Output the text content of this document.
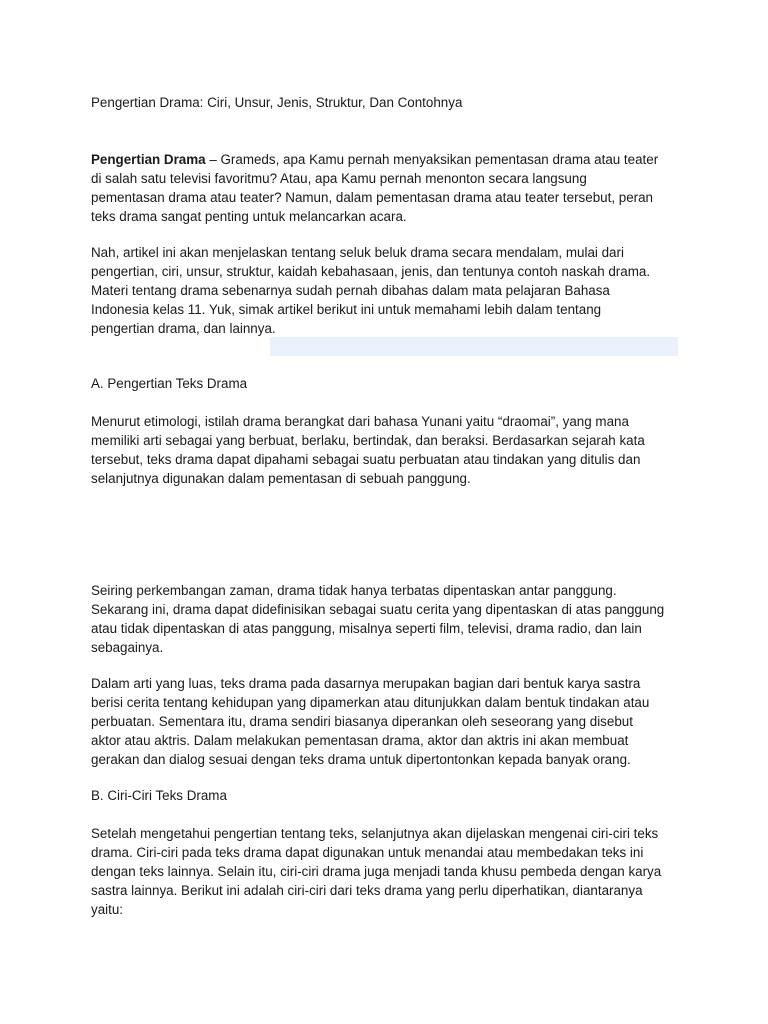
Pengertian Drama: Ciri, Unsur, Jenis, Struktur, Dan Contohnya
Pengertian Drama – Grameds, apa Kamu pernah menyaksikan pementasan drama atau teater
di salah satu televisi favoritmu? Atau, apa Kamu pernah menonton secara langsung
pementasan drama atau teater? Namun, dalam pementasan drama atau teater tersebut, peran
teks drama sangat penting untuk melancarkan acara.
Nah, artikel ini akan menjelaskan tentang seluk beluk drama secara mendalam, mulai dari
pengertian, ciri, unsur, struktur, kaidah kebahasaan, jenis, dan tentunya contoh naskah drama.
Materi tentang drama sebenarnya sudah pernah dibahas dalam mata pelajaran Bahasa
Indonesia kelas 11. Yuk, simak artikel berikut ini untuk memahami lebih dalam tentang
pengertian drama, dan lainnya.
A. Pengertian Teks Drama
Menurut etimologi, istilah drama berangkat dari bahasa Yunani yaitu “draomai”, yang mana
memiliki arti sebagai yang berbuat, berlaku, bertindak, dan beraksi. Berdasarkan sejarah kata
tersebut, teks drama dapat dipahami sebagai suatu perbuatan atau tindakan yang ditulis dan
selanjutnya digunakan dalam pementasan di sebuah panggung.
Seiring perkembangan zaman, drama tidak hanya terbatas dipentaskan antar panggung.
Sekarang ini, drama dapat didefinisikan sebagai suatu cerita yang dipentaskan di atas panggung
atau tidak dipentaskan di atas panggung, misalnya seperti film, televisi, drama radio, dan lain
sebagainya.
Dalam arti yang luas, teks drama pada dasarnya merupakan bagian dari bentuk karya sastra
berisi cerita tentang kehidupan yang dipamerkan atau ditunjukkan dalam bentuk tindakan atau
perbuatan. Sementara itu, drama sendiri biasanya diperankan oleh seseorang yang disebut
aktor atau aktris. Dalam melakukan pementasan drama, aktor dan aktris ini akan membuat
gerakan dan dialog sesuai dengan teks drama untuk dipertontonkan kepada banyak orang.
B. Ciri-Ciri Teks Drama
Setelah mengetahui pengertian tentang teks, selanjutnya akan dijelaskan mengenai ciri-ciri teks
drama. Ciri-ciri pada teks drama dapat digunakan untuk menandai atau membedakan teks ini
dengan teks lainnya. Selain itu, ciri-ciri drama juga menjadi tanda khusu pembeda dengan karya
sastra lainnya. Berikut ini adalah ciri-ciri dari teks drama yang perlu diperhatikan, diantaranya
yaitu:
